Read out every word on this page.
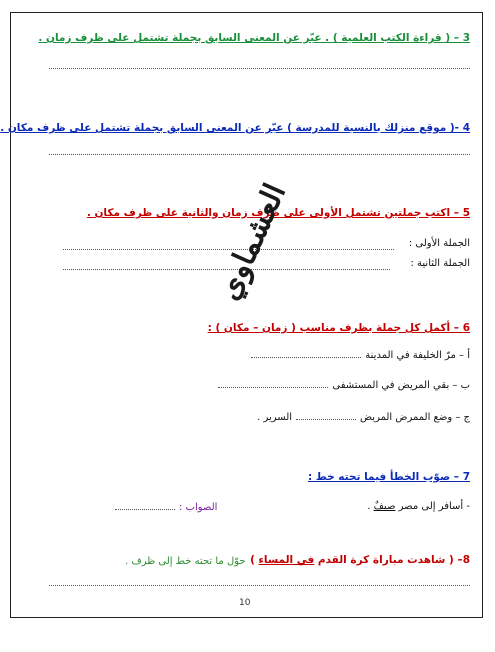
3 – ( قراءة الكتب العلمية ) . عبّر عن المعنى السابق بجملة تشتمل على ظرف زمان .
4 -( موقع منزلك بالنسبة للمدرسة ) عبّر عن المعنى السابق بجملة تشتمل على ظرف مكان .
5 – اكتب جملتين تشتمل الأولى على ظرف زمان والثانية على ظرف مكان .
الجملة الأولى :
الجملة الثانية :
6 – أكمل كل جملة بظرف مناسب ( زمان – مكان ) :
أ – مرّ الخليفة في المدينة
ب – بقي المريض في المستشفى
ج – وضع الممرض المريضالسرير .
7 – صوّب الخطأ فيما تحته خط :
- أسافر إلى مصر صيفٌ .
الصواب :
8– ( شاهدت مباراة كرة القدم في المساء )
حوّل ما تحته خط إلى ظرف .
العشماوي
10
